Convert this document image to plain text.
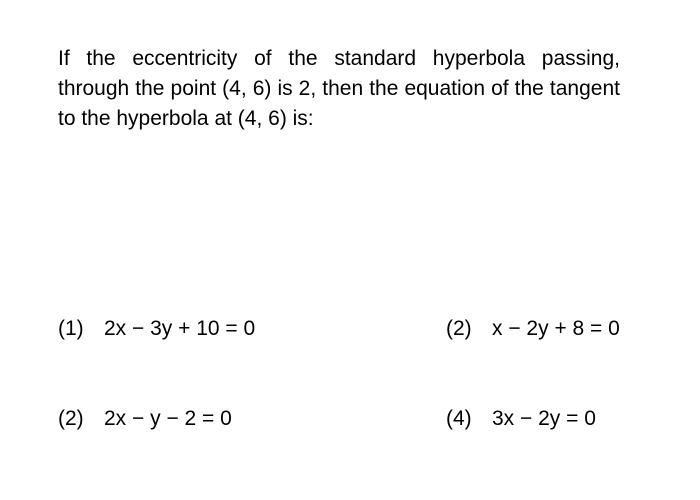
If the eccentricity of the standard hyperbola passing, through the point (4, 6) is 2, then the equation of the tangent to the hyperbola at (4, 6) is:
(1) 2x − 3y + 10 = 0	(2) x − 2y + 8 = 0
(2) 2x − y − 2 = 0	(4) 3x − 2y = 0
